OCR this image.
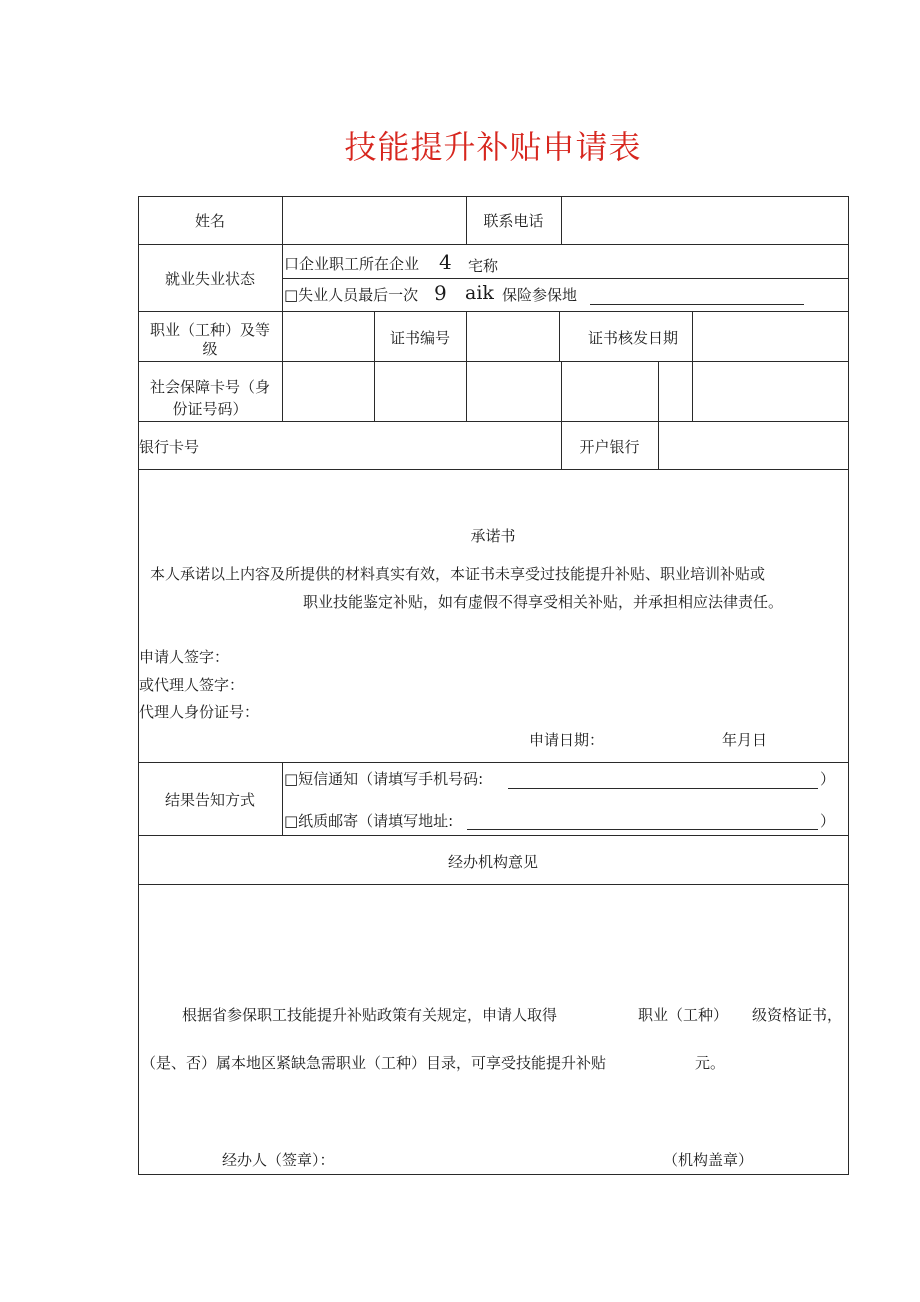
技能提升补贴申请表
姓名	联系电话
就业失业状态
口企业职工所在企业 4 宅称
□失业人员最后一次 9 aik 保险参保地
职业（工种）及等
级
证书编号	证书核发日期
社会保障卡号（身
份证号码）
银行卡号	开户银行
承诺书
本人承诺以上内容及所提供的材料真实有效，本证书未享受过技能提升补贴、职业培训补贴或
职业技能鉴定补贴，如有虚假不得享受相关补贴，并承担相应法律责任。
申请人签字：
或代理人签字：
代理人身份证号：
申请日期：	年月日
结果告知方式
□短信通知（请填写手机号码:	）
□纸质邮寄（请填写地址:	）
经办机构意见
根据省参保职工技能提升补贴政策有关规定，申请人取得	职业（工种） 级资格证书，
（是、否）属本地区紧缺急需职业（工种）目录，可享受技能提升补贴	元。
经办人（签章）：	（机构盖章）
